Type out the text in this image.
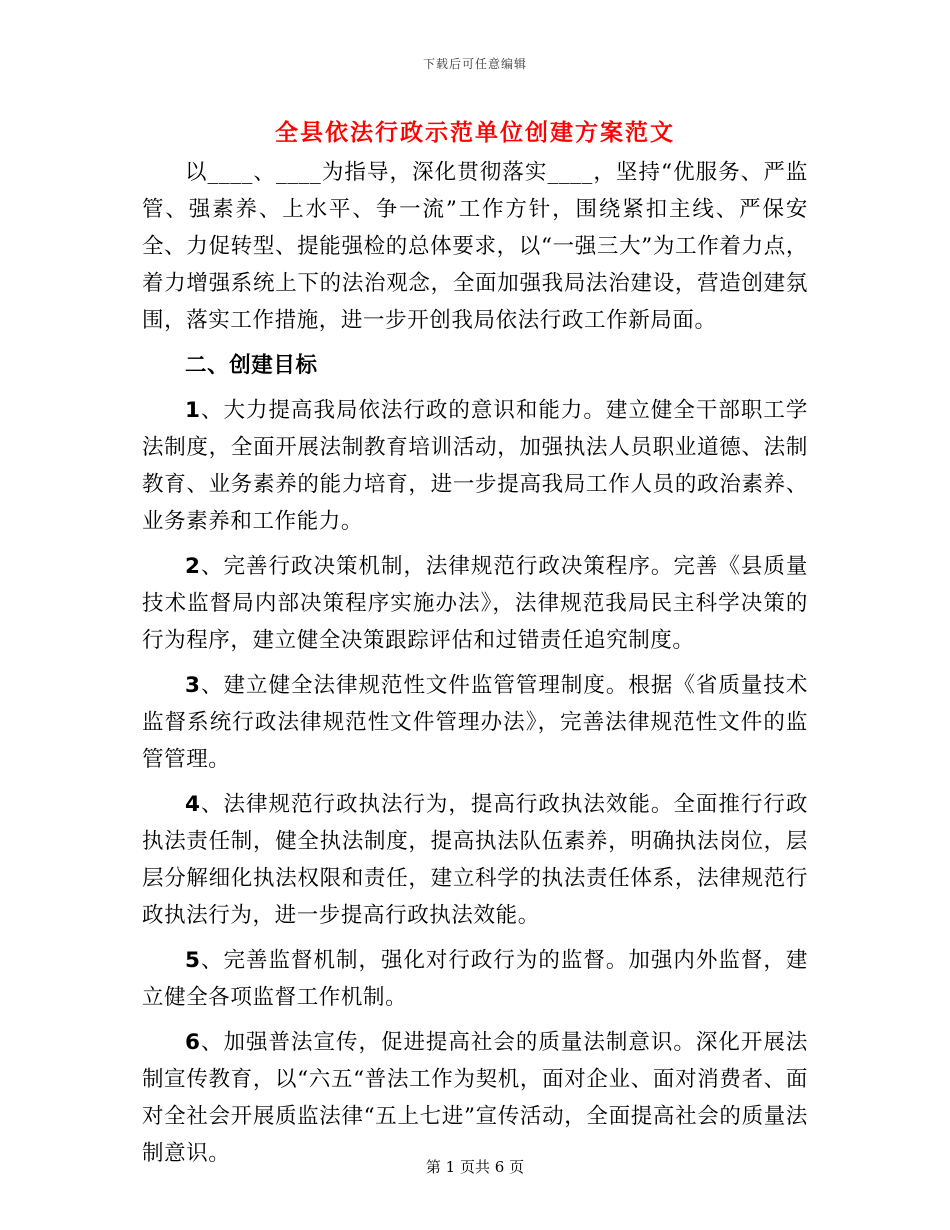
下载后可任意编辑
全县依法行政示范单位创建方案范文

以____、____为指导，深化贯彻落实____，坚持“优服务、严监管、强素养、上水平、争一流”工作方针，围绕紧扣主线、严保安全、力促转型、提能强检的总体要求，以“一强三大”为工作着力点，着力增强系统上下的法治观念，全面加强我局法治建设，营造创建氛围，落实工作措施，进一步开创我局依法行政工作新局面。

二、创建目标

1、大力提高我局依法行政的意识和能力。建立健全干部职工学法制度，全面开展法制教育培训活动，加强执法人员职业道德、法制教育、业务素养的能力培育，进一步提高我局工作人员的政治素养、业务素养和工作能力。

2、完善行政决策机制，法律规范行政决策程序。完善《县质量技术监督局内部决策程序实施办法》，法律规范我局民主科学决策的行为程序，建立健全决策跟踪评估和过错责任追究制度。

3、建立健全法律规范性文件监管管理制度。根据《省质量技术监督系统行政法律规范性文件管理办法》，完善法律规范性文件的监管管理。

4、法律规范行政执法行为，提高行政执法效能。全面推行行政执法责任制，健全执法制度，提高执法队伍素养，明确执法岗位，层层分解细化执法权限和责任，建立科学的执法责任体系，法律规范行政执法行为，进一步提高行政执法效能。

5、完善监督机制，强化对行政行为的监督。加强内外监督，建立健全各项监督工作机制。

6、加强普法宣传，促进提高社会的质量法制意识。深化开展法制宣传教育，以“六五“普法工作为契机，面对企业、面对消费者、面对全社会开展质监法律“五上七进”宣传活动，全面提高社会的质量法制意识。

第 1 页共 6 页
